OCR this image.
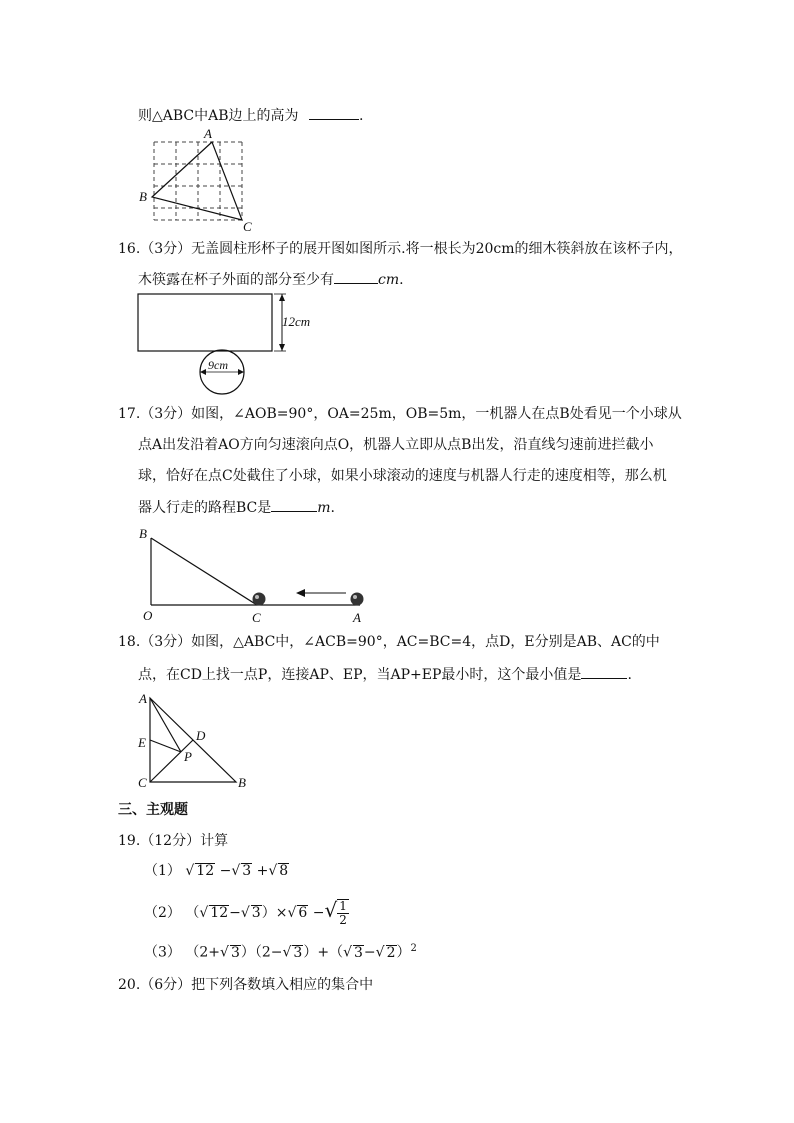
则△ABC中AB边上的高为	.
A
B
C
16.（3分）无盖圆柱形杯子的展开图如图所示.将一根长为20cm的细木筷斜放在该杯子内，
木筷露在杯子外面的部分至少有	cm.
12cm
9cm
17.（3分）如图，∠AOB=90°，OA=25m，OB=5m，一机器人在点B处看见一个小球从
点A出发沿着AO方向匀速滚向点O，机器人立即从点B出发，沿直线匀速前进拦截小
球，恰好在点C处截住了小球，如果小球滚动的速度与机器人行走的速度相等，那么机
器人行走的路程BC是	m.
B
O	C	A
18.（3分）如图，△ABC中，∠ACB=90°，AC=BC=4，点D，E分别是AB、AC的中
点，在CD上找一点P，连接AP、EP，当AP+EP最小时，这个最小值是	.
A
E	D
P
C	B
三、主观题
19.（12分）计算
（1） √ 12 −√ 3 +√ 8
（2） （√ 12−√ 3）×√ 6 −√ $\frac{1}{2}$
（3） （2+√ 3）（2−√ 3）+（√ 3−√ 2）$^2$
20.（6分）把下列各数填入相应的集合中
